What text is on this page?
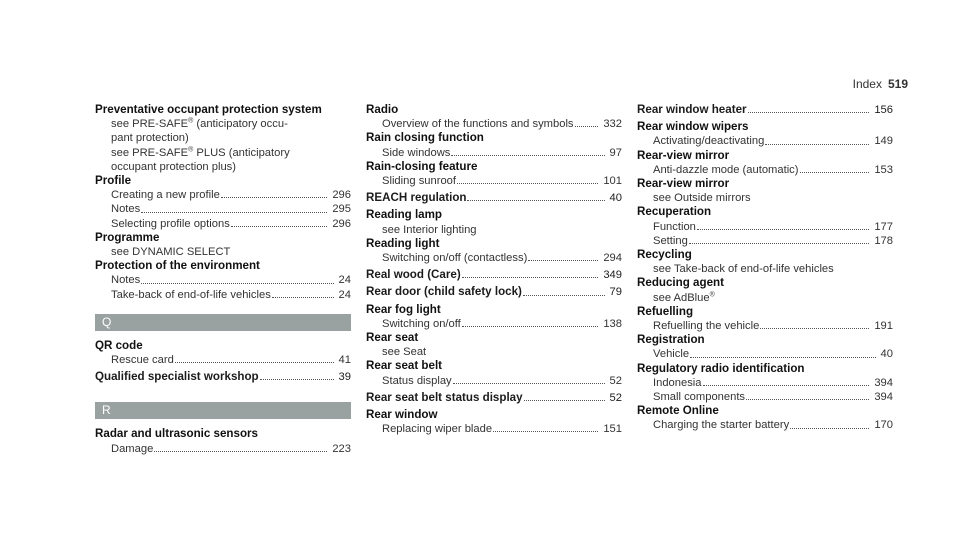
Index 519
Preventative occupant protection system
see PRE-SAFE® (anticipatory occu-
pant protection)
see PRE-SAFE® PLUS (anticipatory
occupant protection plus)
Profile
Creating a new profile	296
Notes	295
Selecting profile options	296
Programme
see DYNAMIC SELECT
Protection of the environment
Notes	24
Take-back of end-of-life vehicles	24
Q
QR code
Rescue card	41
Qualified specialist workshop	39
R
Radar and ultrasonic sensors
Damage	223
Radio
Overview of the functions and symbols	332
Rain closing function
Side windows	97
Rain-closing feature
Sliding sunroof	101
REACH regulation	40
Reading lamp
see Interior lighting
Reading light
Switching on/off (contactless)	294
Real wood (Care)	349
Rear door (child safety lock)	79
Rear fog light
Switching on/off	138
Rear seat
see Seat
Rear seat belt
Status display	52
Rear seat belt status display	52
Rear window
Replacing wiper blade	151
Rear window heater	156
Rear window wipers
Activating/deactivating	149
Rear-view mirror
Anti-dazzle mode (automatic)	153
Rear-view mirror
see Outside mirrors
Recuperation
Function	177
Setting	178
Recycling
see Take-back of end-of-life vehicles
Reducing agent
see AdBlue®
Refuelling
Refuelling the vehicle	191
Registration
Vehicle	40
Regulatory radio identification
Indonesia	394
Small components	394
Remote Online
Charging the starter battery	170
